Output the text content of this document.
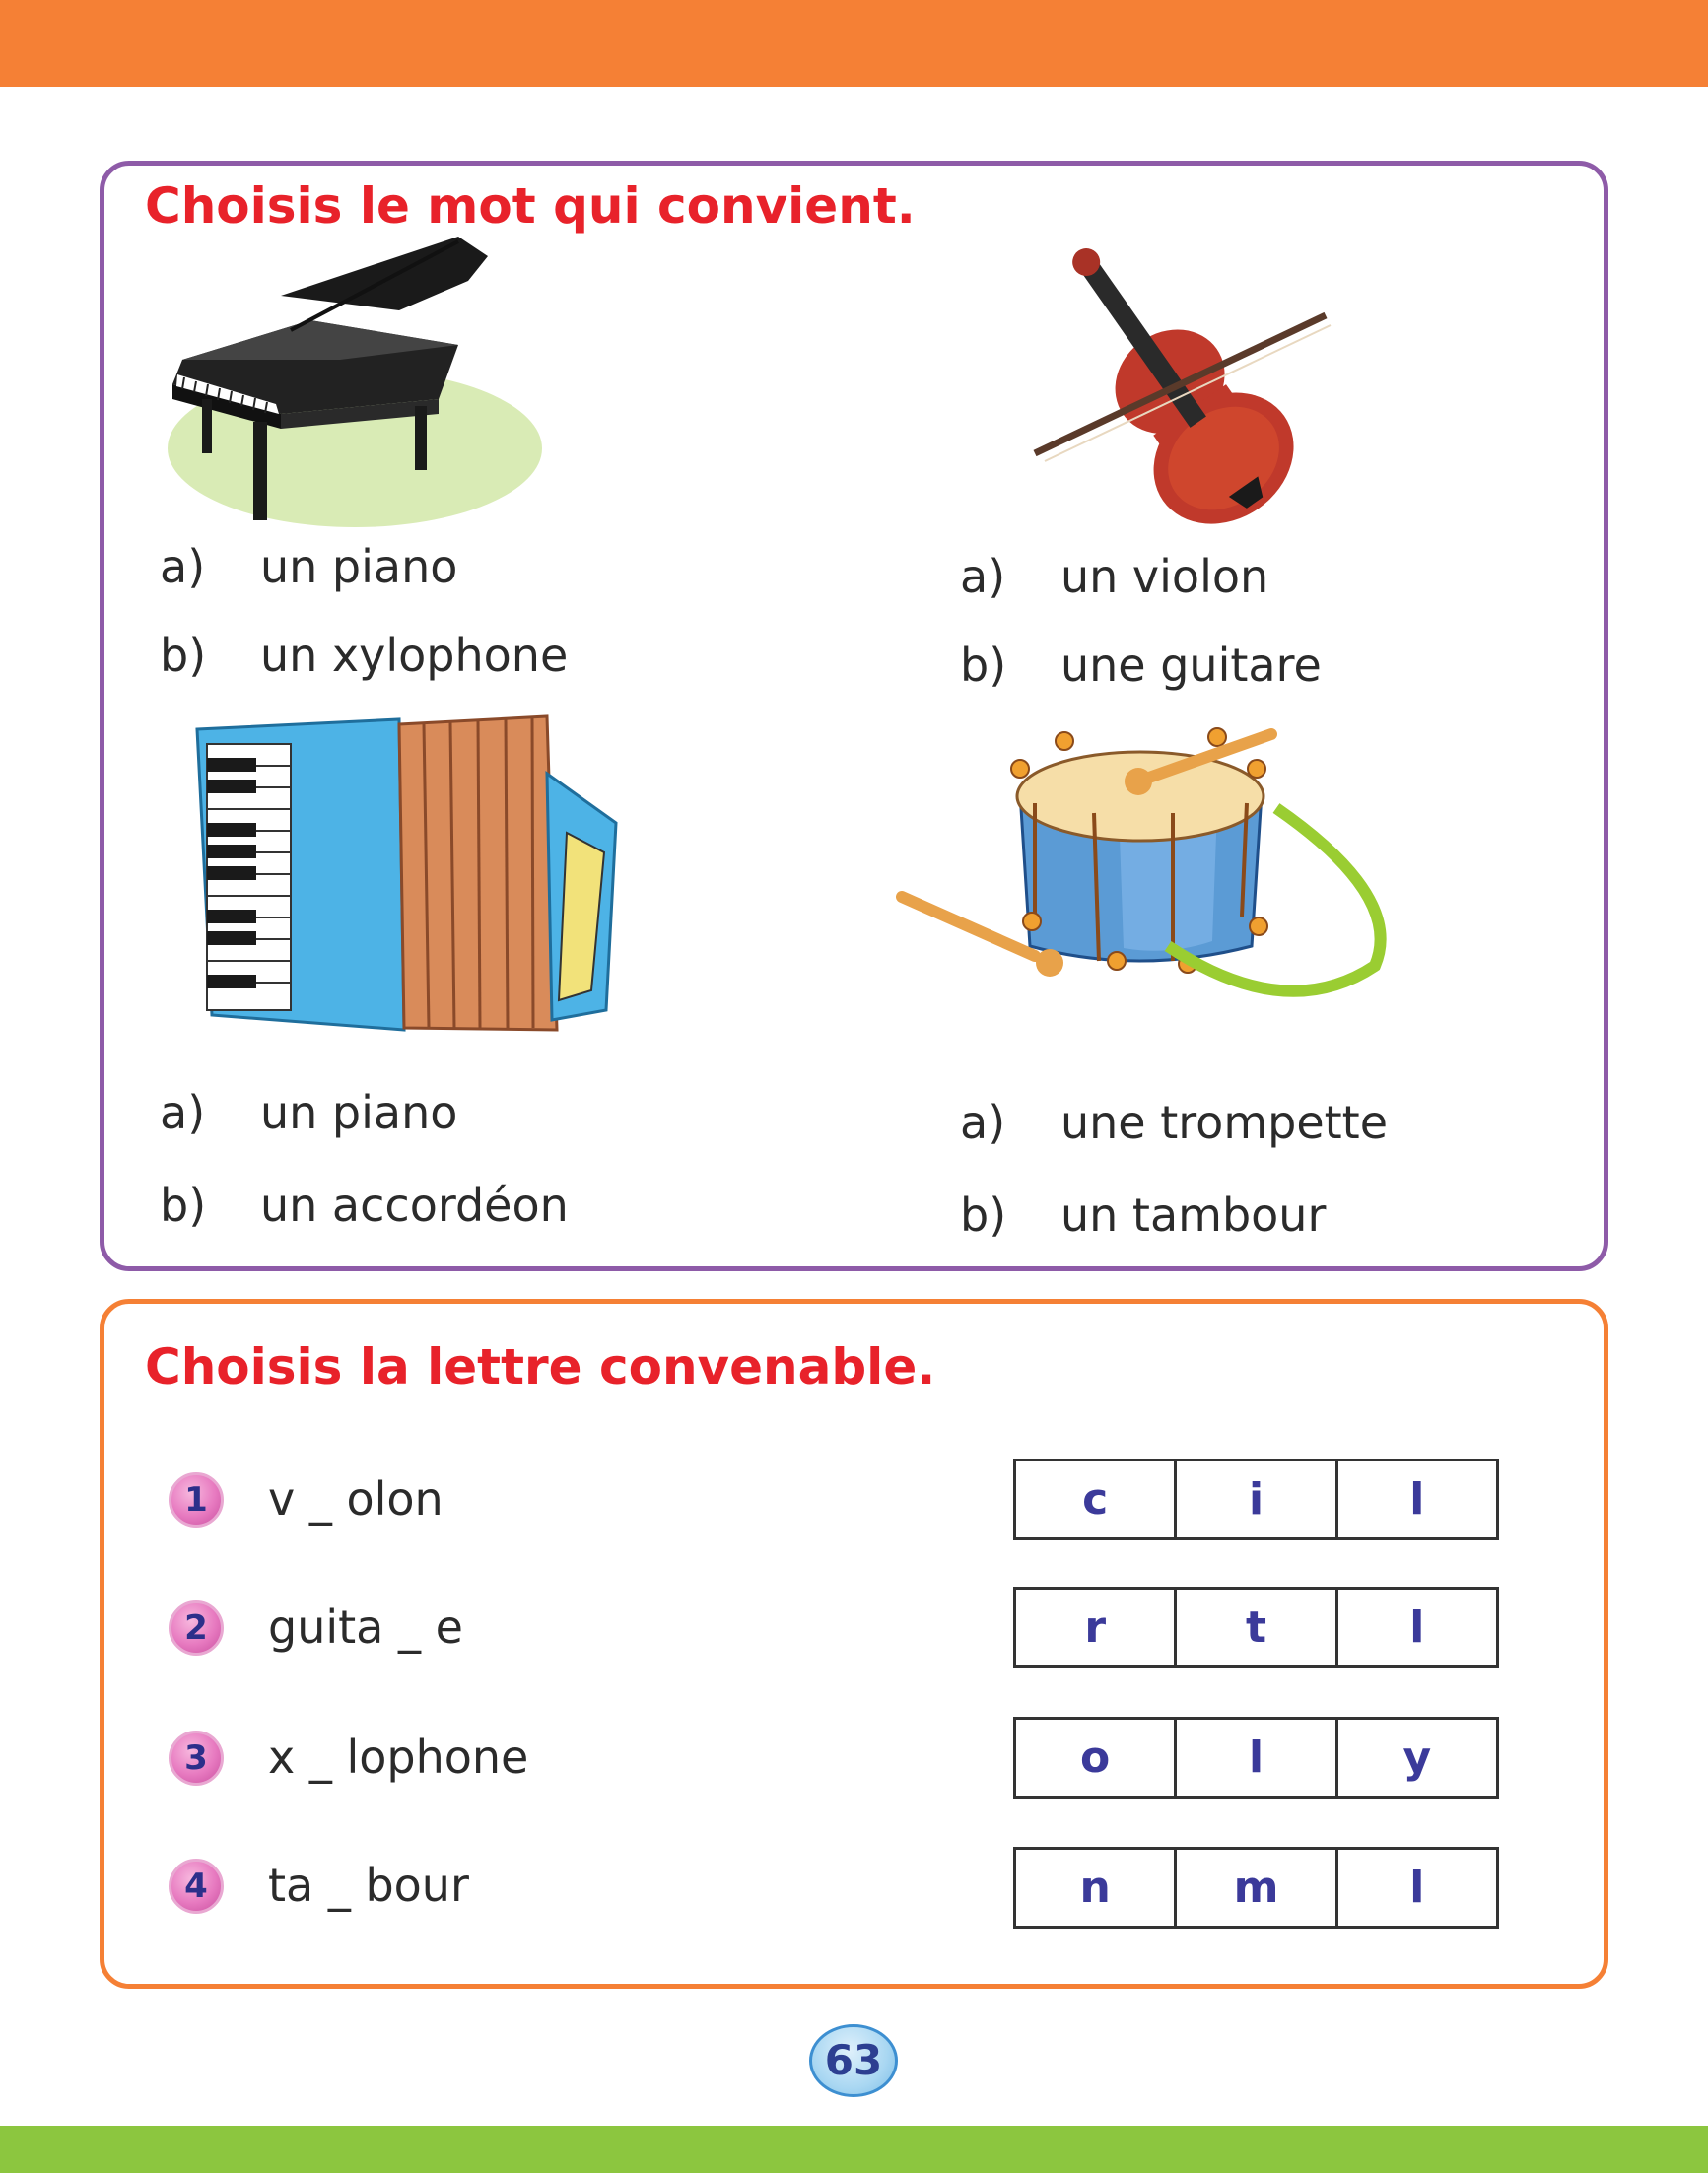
Choisis le mot qui convient.
a) un piano
b) un xylophone
a) un violon
b) une guitare
a) un piano
b) un accordéon
a) une trompette
b) un tambour
Choisis la lettre convenable.
1	v _ olon	c	i	l
2	guita _ e	r	t	l
3	x _ lophone	o	l	y
4	ta _ bour	n	m	l
63
